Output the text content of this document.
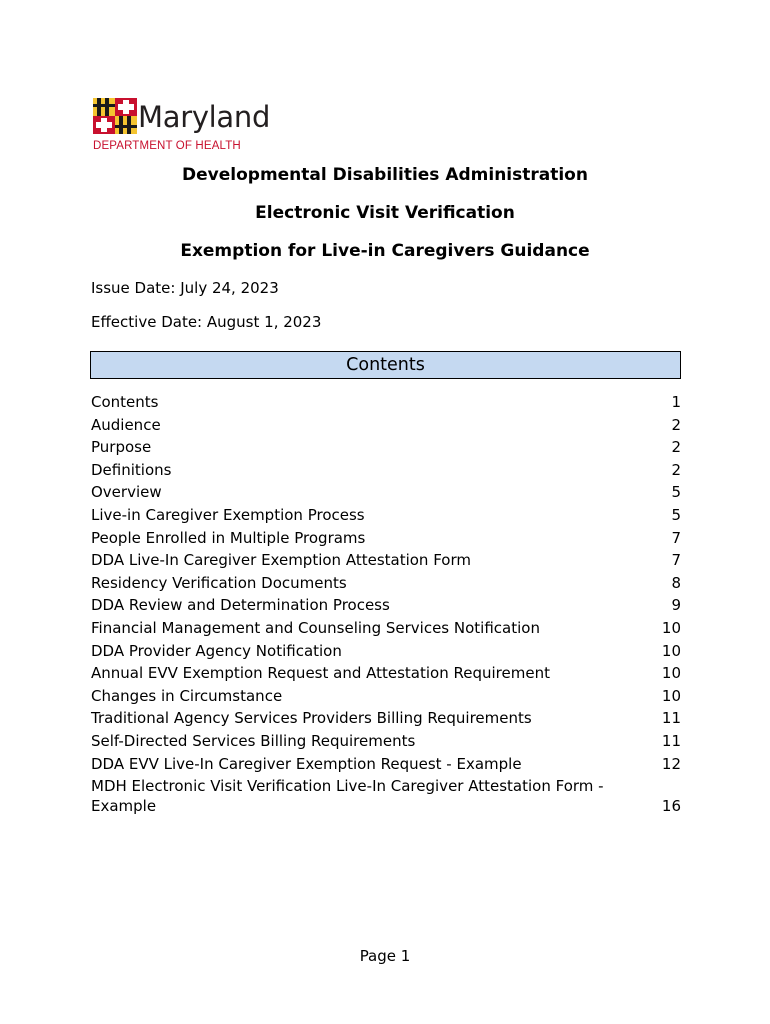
Maryland
DEPARTMENT OF HEALTH
Developmental Disabilities Administration
Electronic Visit Verification
Exemption for Live-in Caregivers Guidance
Issue Date: July 24, 2023
Effective Date: August 1, 2023
Contents
Contents	1
Audience	2
Purpose	2
Definitions	2
Overview	5
Live-in Caregiver Exemption Process	5
People Enrolled in Multiple Programs	7
DDA Live-In Caregiver Exemption Attestation Form	7
Residency Verification Documents	8
DDA Review and Determination Process	9
Financial Management and Counseling Services Notification	10
DDA Provider Agency Notification	10
Annual EVV Exemption Request and Attestation Requirement	10
Changes in Circumstance	10
Traditional Agency Services Providers Billing Requirements	11
Self-Directed Services Billing Requirements	11
DDA EVV Live-In Caregiver Exemption Request - Example	12
MDH Electronic Visit Verification Live-In Caregiver Attestation Form - Example	16
Page 1
